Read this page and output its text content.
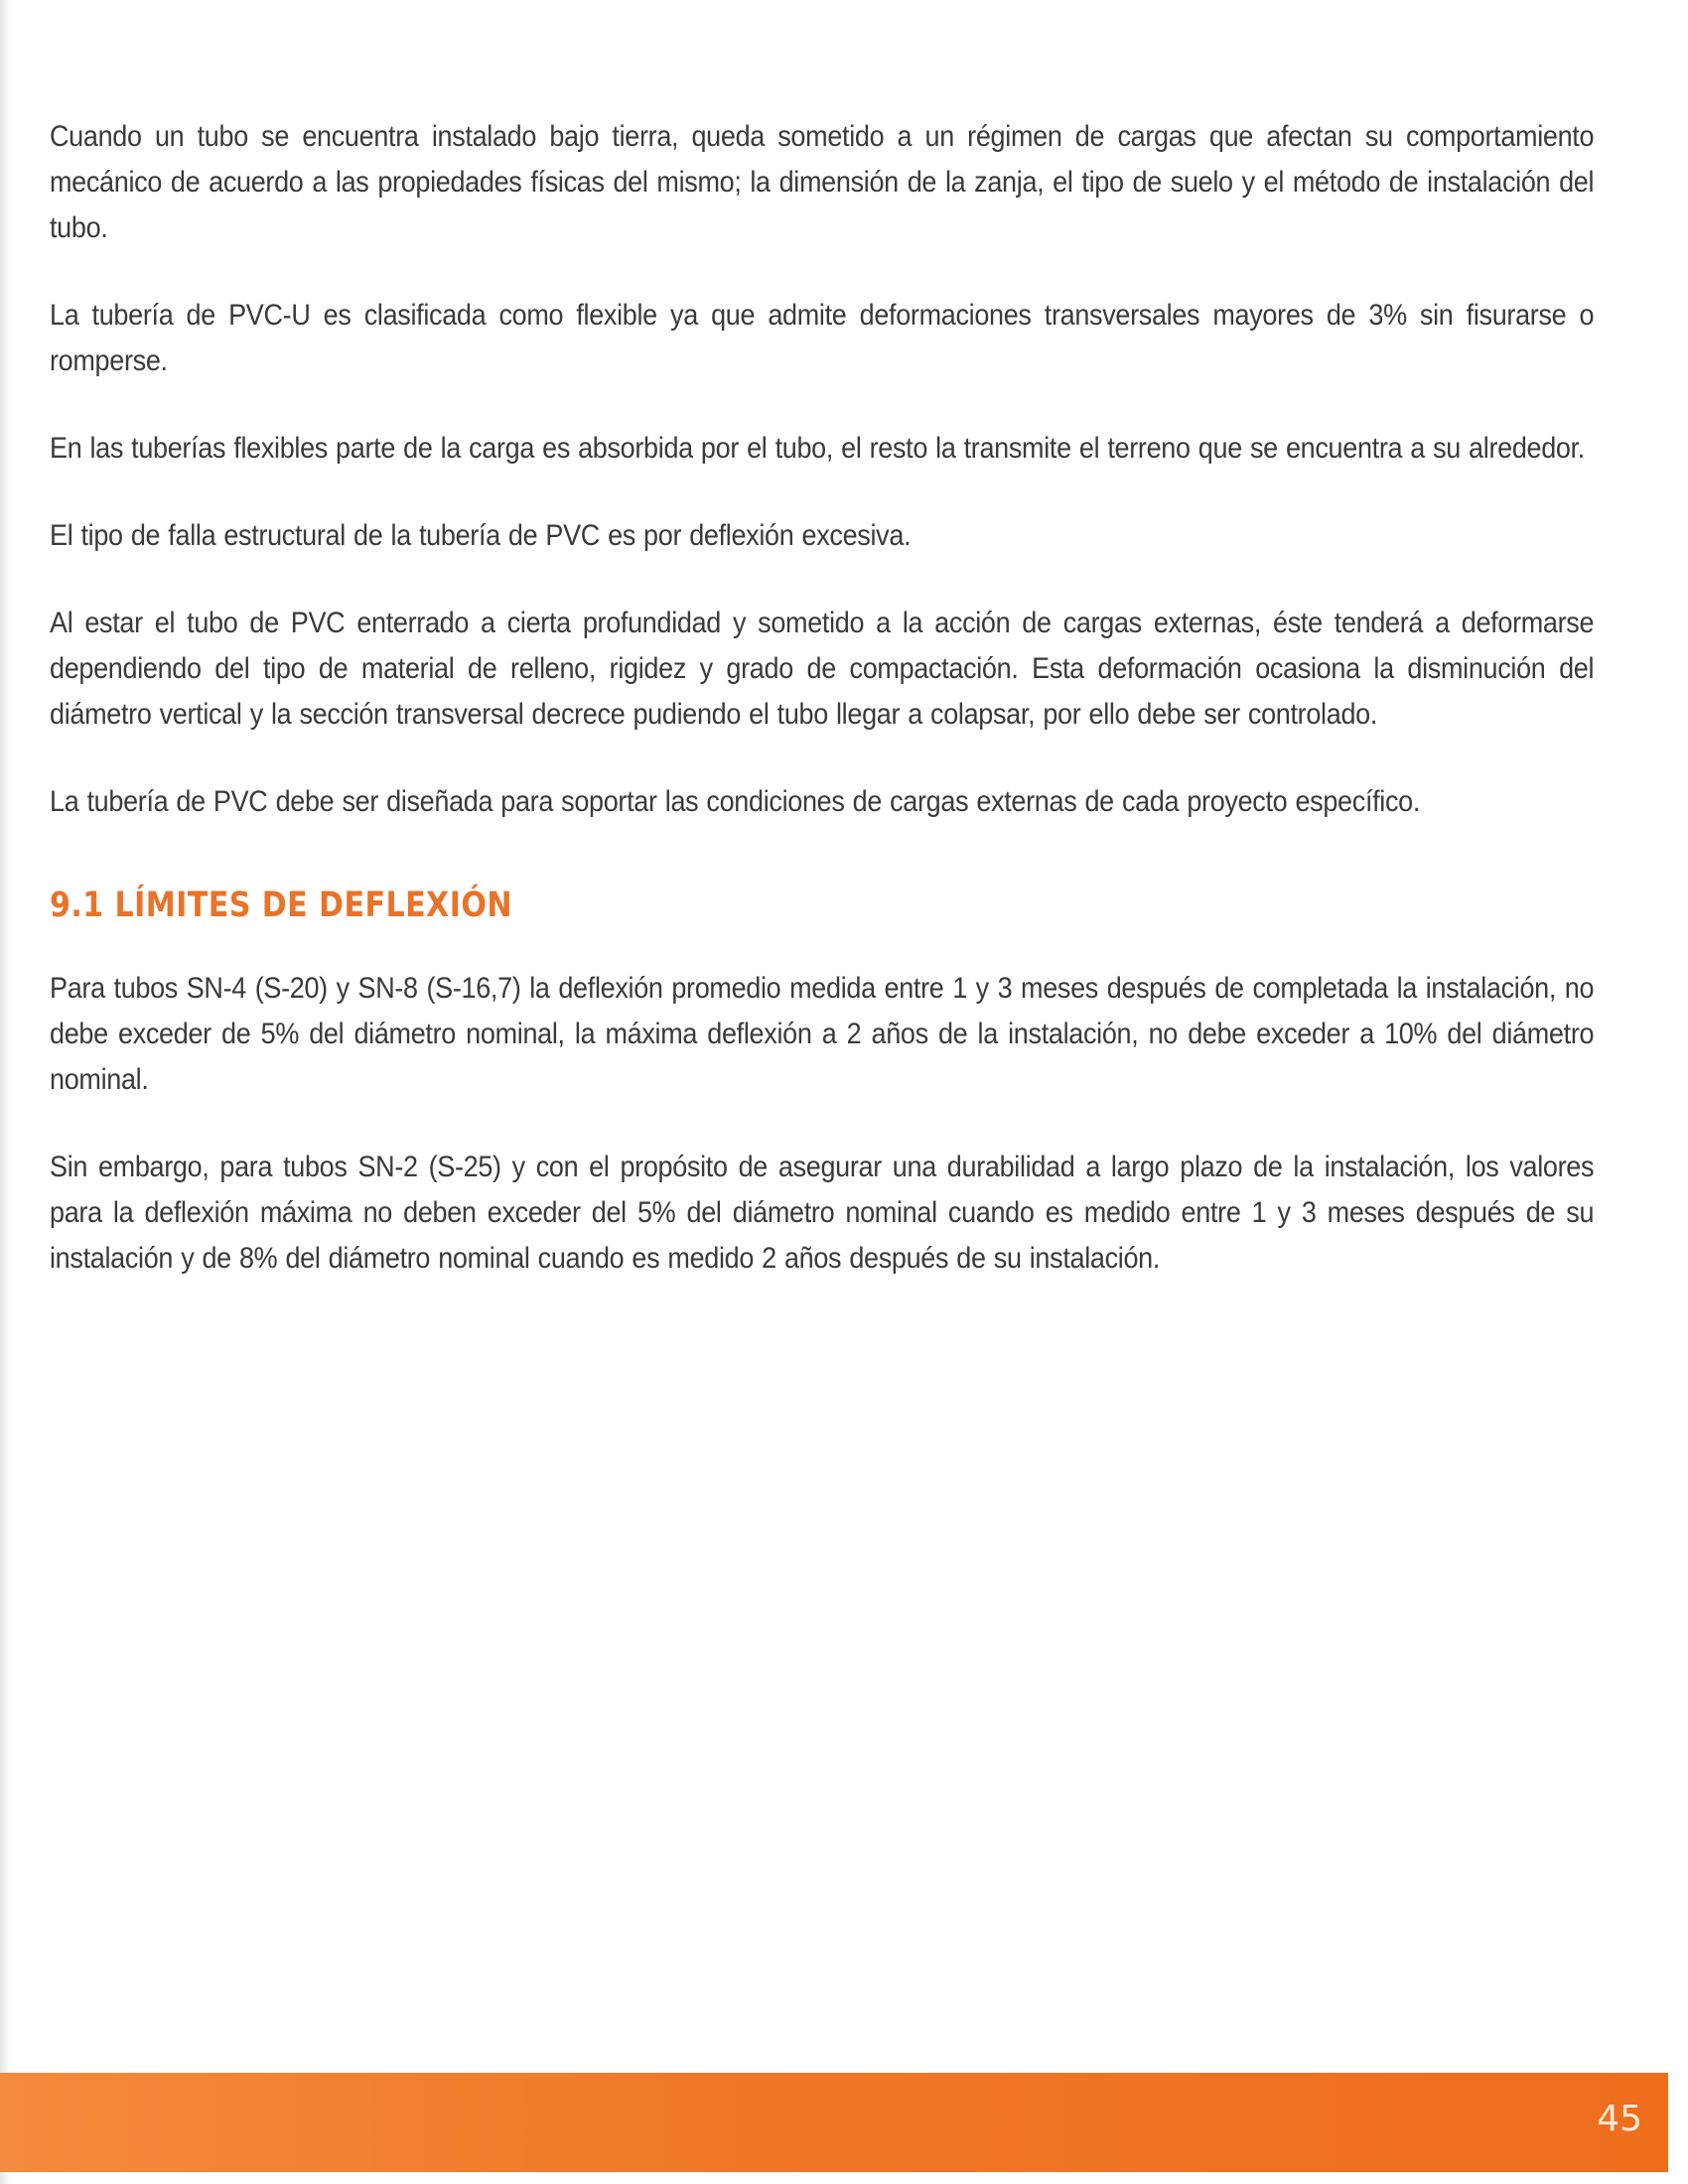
Cuando un tubo se encuentra instalado bajo tierra, queda sometido a un régimen de cargas que afectan su comportamiento mecánico de acuerdo a las propiedades físicas del mismo; la dimensión de la zanja, el tipo de suelo y el método de instalación del tubo.

La tubería de PVC-U es clasificada como flexible ya que admite deformaciones transversales mayores de 3% sin fisurarse o romperse.

En las tuberías flexibles parte de la carga es absorbida por el tubo, el resto la transmite el terreno que se encuentra a su alrededor.

El tipo de falla estructural de la tubería de PVC es por deflexión excesiva.

Al estar el tubo de PVC enterrado a cierta profundidad y sometido a la acción de cargas externas, éste tenderá a deformarse dependiendo del tipo de material de relleno, rigidez y grado de compactación. Esta deformación ocasiona la disminución del diámetro vertical y la sección transversal decrece pudiendo el tubo llegar a colapsar, por ello debe ser controlado.

La tubería de PVC debe ser diseñada para soportar las condiciones de cargas externas de cada proyecto específico.

9.1 LÍMITES DE DEFLEXIÓN

Para tubos SN-4 (S-20) y SN-8 (S-16,7) la deflexión promedio medida entre 1 y 3 meses después de completada la instalación, no debe exceder de 5% del diámetro nominal, la máxima deflexión a 2 años de la instalación, no debe exceder a 10% del diámetro nominal.

Sin embargo, para tubos SN-2 (S-25) y con el propósito de asegurar una durabilidad a largo plazo de la instalación, los valores para la deflexión máxima no deben exceder del 5% del diámetro nominal cuando es medido entre 1 y 3 meses después de su instalación y de 8% del diámetro nominal cuando es medido 2 años después de su instalación.

45
